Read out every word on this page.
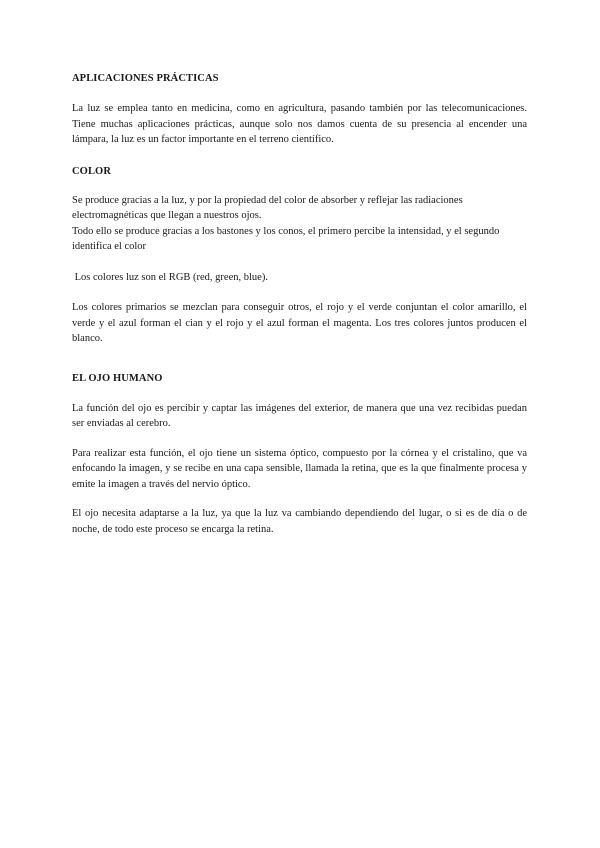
APLICACIONES PRÁCTICAS

La luz se emplea tanto en medicina, como en agricultura, pasando también por las telecomunicaciones. Tiene muchas aplicaciones prácticas, aunque solo nos damos cuenta de su presencia al encender una lámpara, la luz es un factor importante en el terreno científico.

COLOR

Se produce gracias a la luz, y por la propiedad del color de absorber y reflejar las radiaciones electromagnéticas que llegan a nuestros ojos.

Todo ello se produce gracias a los bastones y los conos, el primero percibe la intensidad, y el segundo identifica el color

Los colores luz son el RGB (red, green, blue).

Los colores primarios se mezclan para conseguir otros, el rojo y el verde conjuntan el color amarillo, el verde y el azul forman el cian y el rojo y el azul forman el magenta. Los tres colores juntos producen el blanco.

EL OJO HUMANO

La función del ojo es percibir y captar las imágenes del exterior, de manera que una vez recibidas puedan ser enviadas al cerebro.

Para realizar esta función, el ojo tiene un sistema óptico, compuesto por la córnea y el cristalino, que va enfocando la imagen, y se recibe en una capa sensible, llamada la retina, que es la que finalmente procesa y emite la imagen a través del nervio óptico.

El ojo necesita adaptarse a la luz, ya que la luz va cambiando dependiendo del lugar, o si es de día o de noche, de todo este proceso se encarga la retina.
